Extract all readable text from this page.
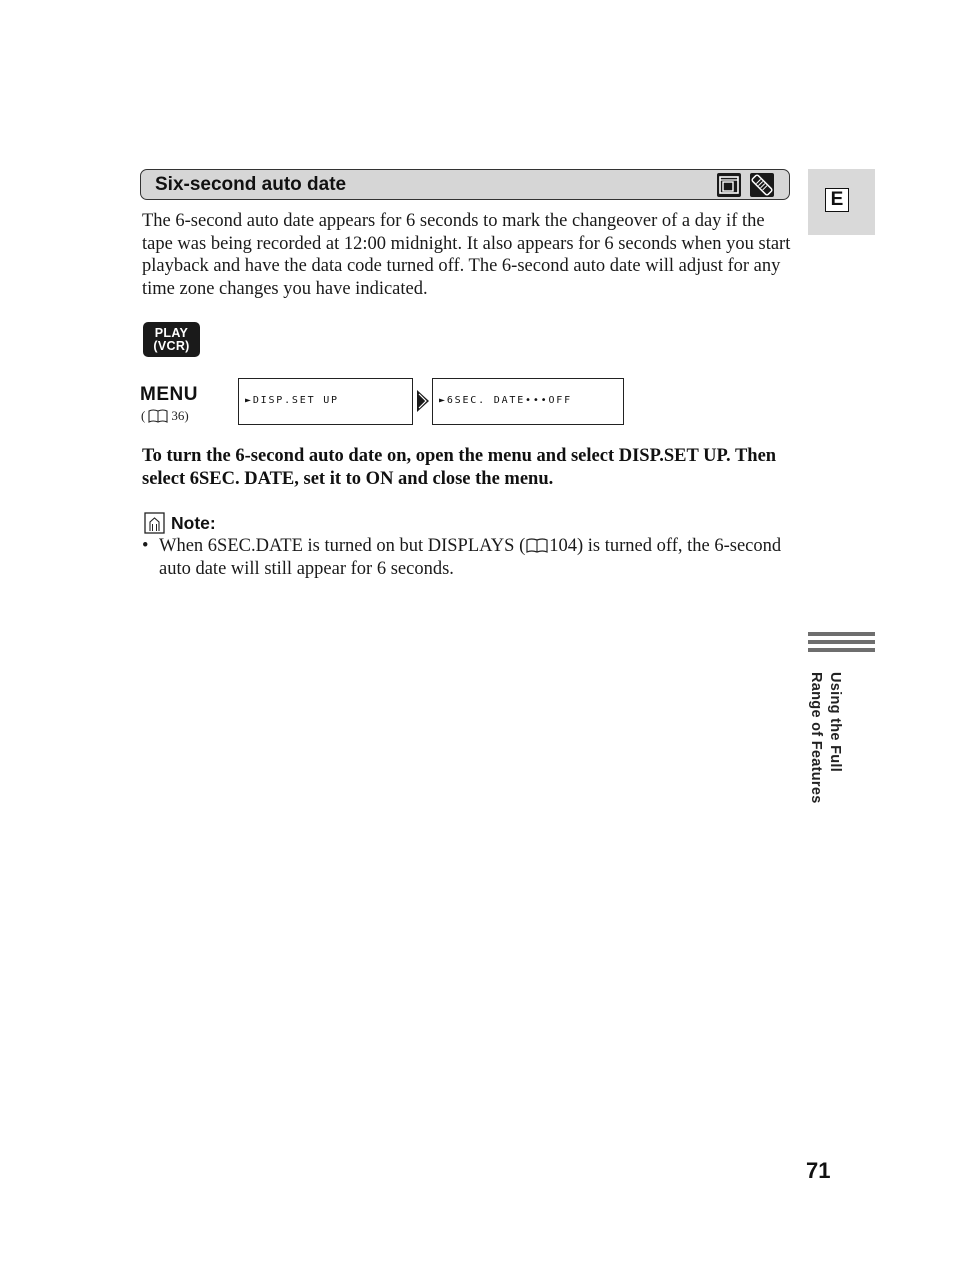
Six-second auto date
E
The 6-second auto date appears for 6 seconds to mark the changeover of a day if the tape was being recorded at 12:00 midnight. It also appears for 6 seconds when you start playback and have the data code turned off. The 6-second auto date will adjust for any time zone changes you have indicated.
PLAY
(VCR)
MENU
( 36)
►DISP.SET UP	►6SEC. DATE•••OFF
To turn the 6-second auto date on, open the menu and select DISP.SET UP. Then select 6SEC. DATE, set it to ON and close the menu.
Note:
• When 6SEC.DATE is turned on but DISPLAYS ( 104) is turned off, the 6-second auto date will still appear for 6 seconds.
Using the Full
Range of Features
71
